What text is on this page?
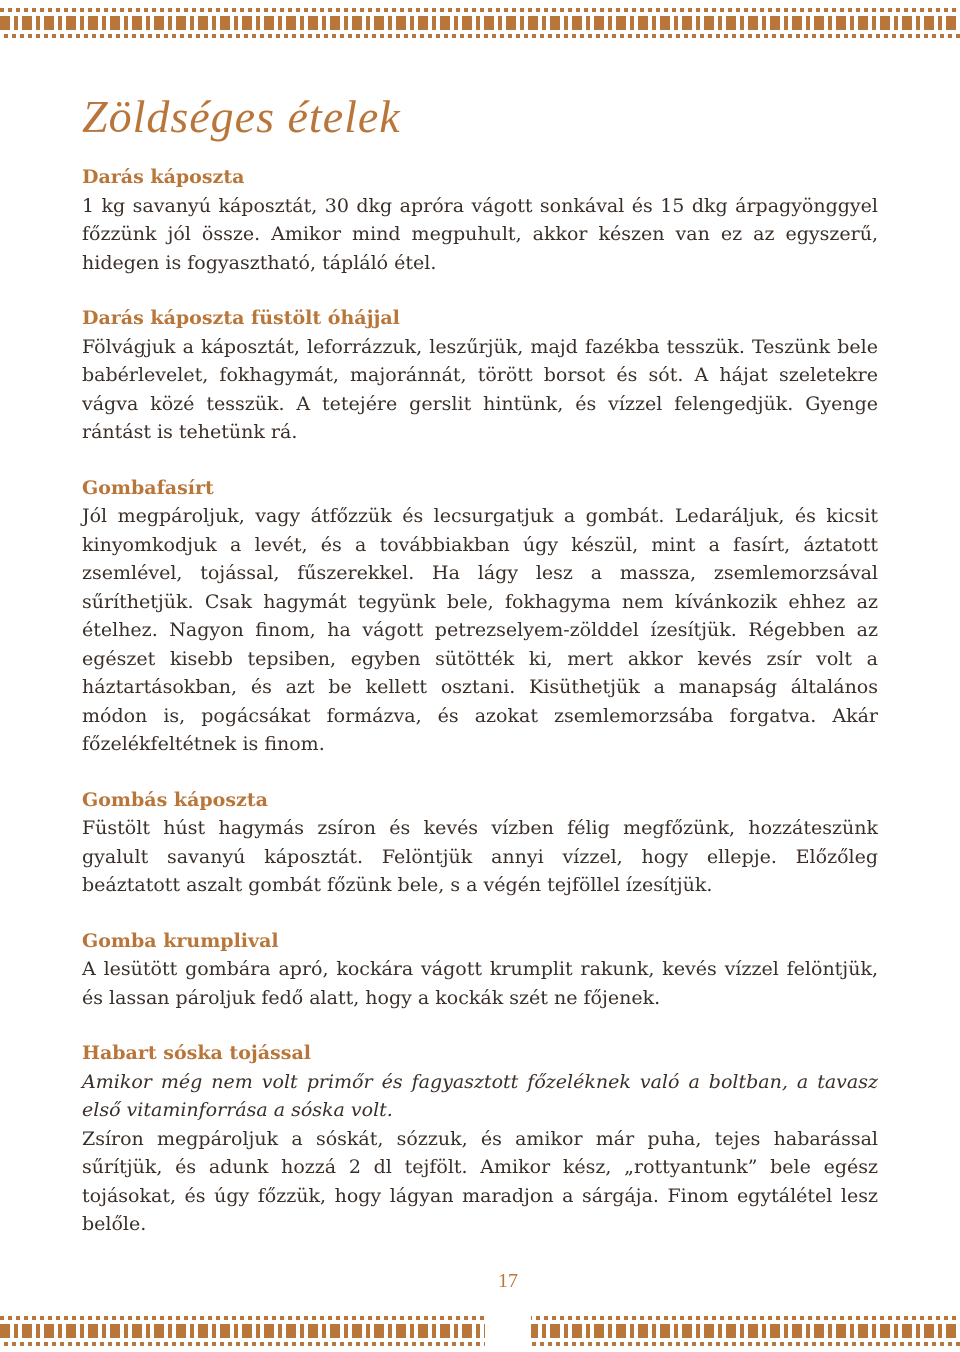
Zöldséges ételek
Darás káposzta

1 kg savanyú káposztát, 30 dkg apróra vágott sonkával és 15 dkg árpagyönggyel főzzünk jól össze. Amikor mind megpuhult, akkor készen van ez az egyszerű, hidegen is fogyasztható, tápláló étel.

Darás káposzta füstölt óhájjal

Fölvágjuk a káposztát, leforrázzuk, leszűrjük, majd fazékba tesszük. Teszünk bele babérlevelet, fokhagymát, majoránnát, törött borsot és sót. A hájat szeletekre vágva közé tesszük. A tetejére gerslit hintünk, és vízzel felengedjük. Gyenge rántást is tehetünk rá.

Gombafasírt

Jól megpároljuk, vagy átfőzzük és lecsurgatjuk a gombát. Ledaráljuk, és kicsit kinyomkodjuk a levét, és a továbbiakban úgy készül, mint a fasírt, áztatott zsemlével, tojással, fűszerekkel. Ha lágy lesz a massza, zsemlemorzsával sűríthetjük. Csak hagymát tegyünk bele, fokhagyma nem kívánkozik ehhez az ételhez. Nagyon finom, ha vágott petrezselyem-zölddel ízesítjük. Régebben az egészet kisebb tepsiben, egyben sütötték ki, mert akkor kevés zsír volt a háztartásokban, és azt be kellett osztani. Kisüthetjük a manapság általános módon is, pogácsákat formázva, és azokat zsemlemorzsába forgatva. Akár főzelékfeltétnek is finom.

Gombás káposzta

Füstölt húst hagymás zsíron és kevés vízben félig megfőzünk, hozzáteszünk gyalult savanyú káposztát. Felöntjük annyi vízzel, hogy ellepje. Előzőleg beáztatott aszalt gombát főzünk bele, s a végén tejföllel ízesítjük.

Gomba krumplival

A lesütött gombára apró, kockára vágott krumplit rakunk, kevés vízzel felöntjük, és lassan pároljuk fedő alatt, hogy a kockák szét ne főjenek.

Habart sóska tojással

Amikor még nem volt primőr és fagyasztott főzeléknek való a boltban, a tavasz első vitaminforrása a sóska volt.

Zsíron megpároljuk a sóskát, sózzuk, és amikor már puha, tejes habarással sűrítjük, és adunk hozzá 2 dl tejfölt. Amikor kész, „rottyantunk” bele egész tojásokat, és úgy főzzük, hogy lágyan maradjon a sárgája. Finom egytálétel lesz belőle.

17
